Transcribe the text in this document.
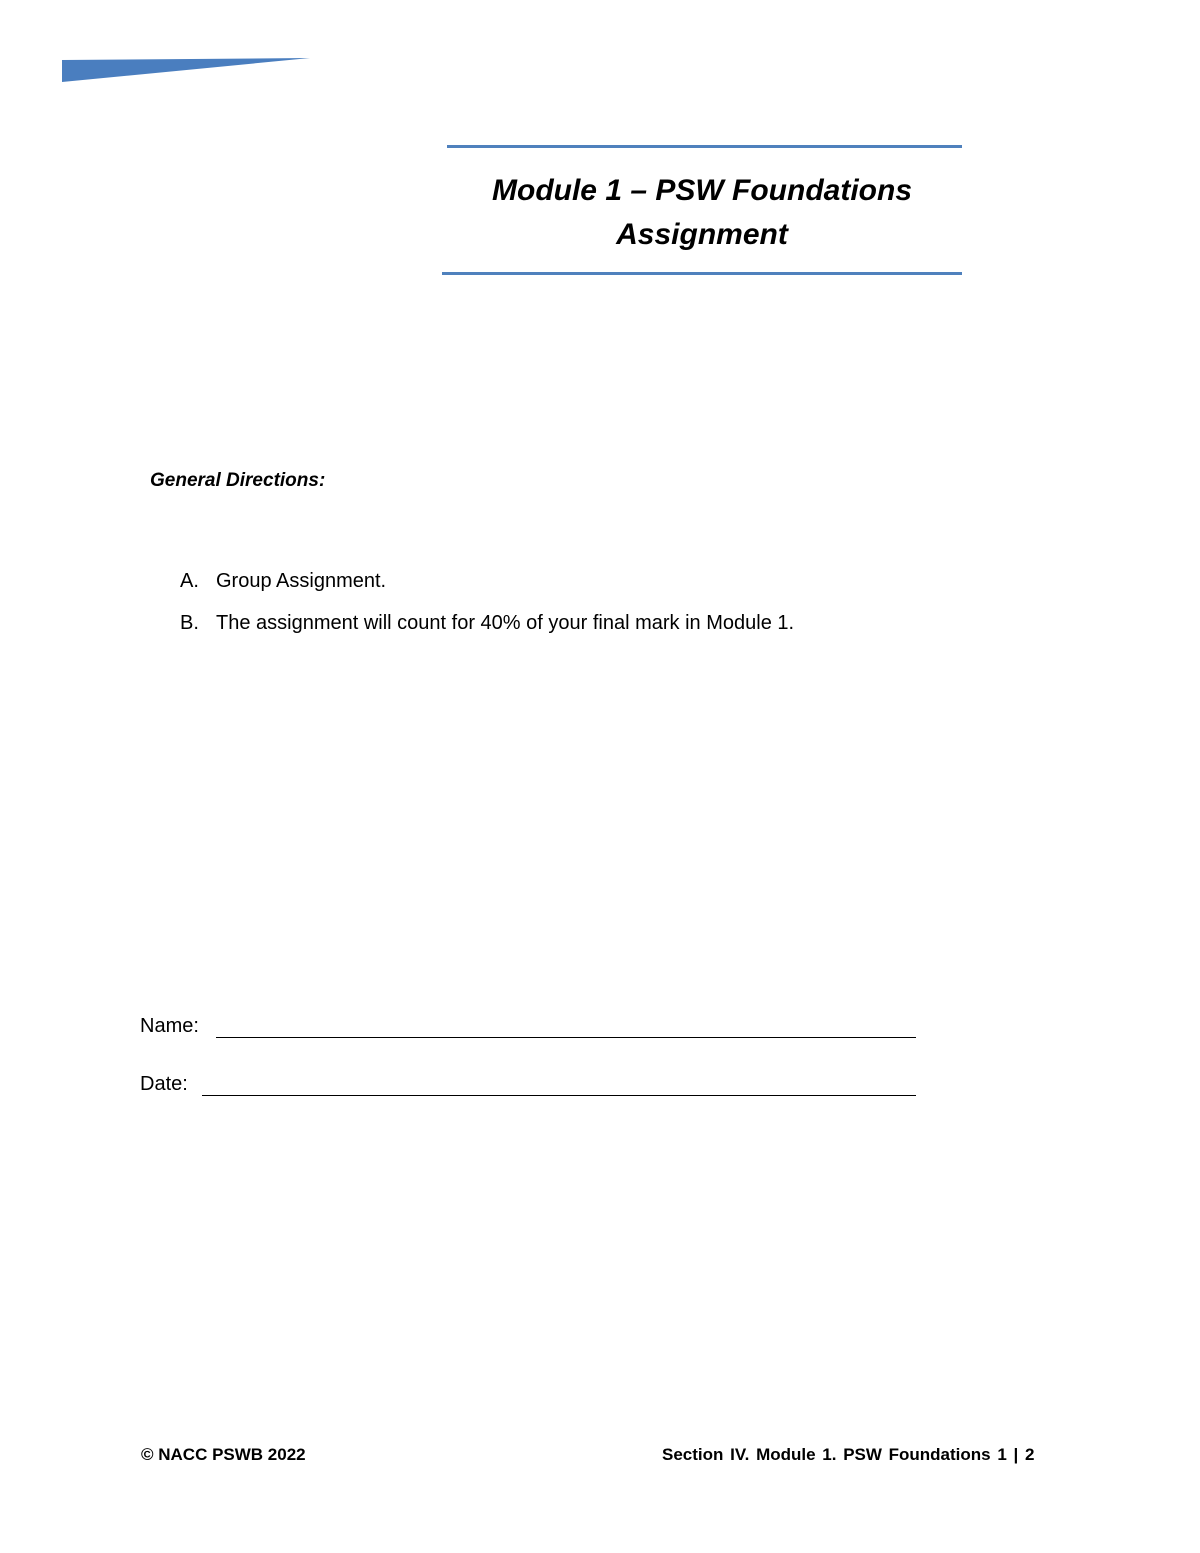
Module 1 – PSW Foundations
Assignment
General Directions:
A. Group Assignment.
B. The assignment will count for 40% of your final mark in Module 1.
Name:
Date:
© NACC PSWB 2022	Section IV. Module 1. PSW Foundations 1 | 2
